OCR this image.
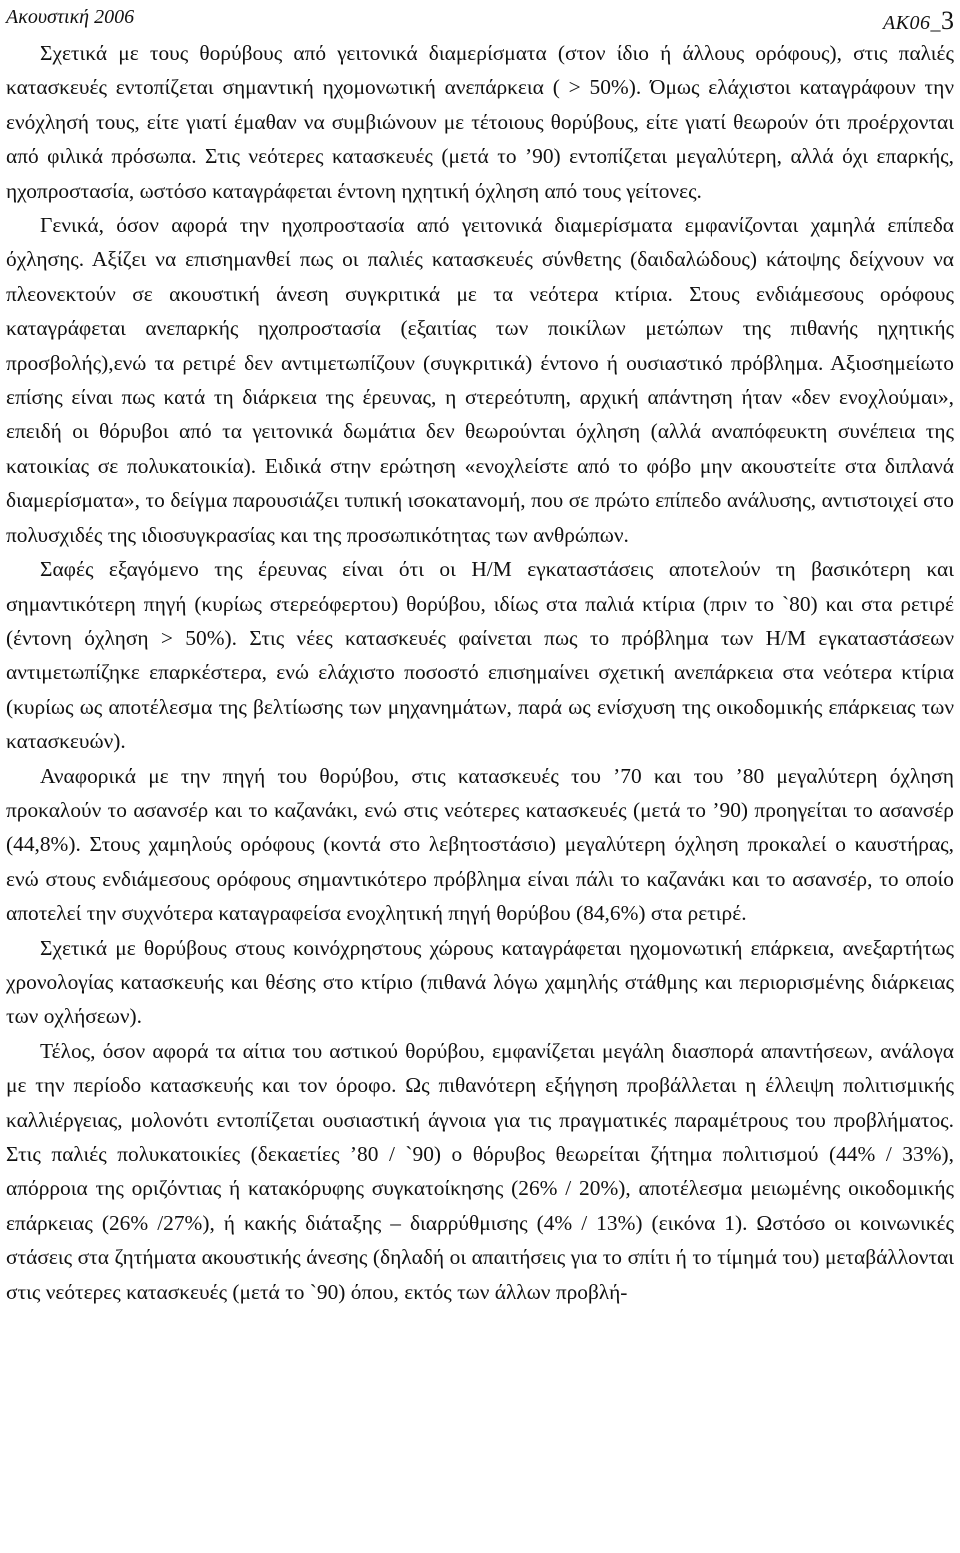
Ακουστική 2006	ΑΚ06_3

Σχετικά με τους θορύβους από γειτονικά διαμερίσματα (στον ίδιο ή άλλους ορόφους), στις παλιές κατασκευές εντοπίζεται σημαντική ηχομονωτική ανεπάρκεια ( > 50%). Όμως ελάχιστοι καταγράφουν την ενόχλησή τους, είτε γιατί έμαθαν να συμβιώνουν με τέτοιους θορύβους, είτε γιατί θεωρούν ότι προέρχονται από φιλικά πρόσωπα. Στις νεότερες κατασκευές (μετά το ’90) εντοπίζεται μεγαλύτερη, αλλά όχι επαρκής, ηχοπροστασία, ωστόσο καταγράφεται έντονη ηχητική όχληση από τους γείτονες.

Γενικά, όσον αφορά την ηχοπροστασία από γειτονικά διαμερίσματα εμφανίζονται χαμηλά επίπεδα όχλησης. Αξίζει να επισημανθεί πως οι παλιές κατασκευές σύνθετης (δαιδαλώδους) κάτοψης δείχνουν να πλεονεκτούν σε ακουστική άνεση συγκριτικά με τα νεότερα κτίρια. Στους ενδιάμεσους ορόφους καταγράφεται ανεπαρκής ηχοπροστασία (εξαιτίας των ποικίλων μετώπων της πιθανής ηχητικής προσβολής),ενώ τα ρετιρέ δεν αντιμετωπίζουν (συγκριτικά) έντονο ή ουσιαστικό πρόβλημα. Αξιοσημείωτο επίσης είναι πως κατά τη διάρκεια της έρευνας, η στερεότυπη, αρχική απάντηση ήταν «δεν ενοχλούμαι», επειδή οι θόρυβοι από τα γειτονικά δωμάτια δεν θεωρούνται όχληση (αλλά αναπόφευκτη συνέπεια της κατοικίας σε πολυκατοικία). Ειδικά στην ερώτηση «ενοχλείστε από το φόβο μην ακουστείτε στα διπλανά διαμερίσματα», το δείγμα παρουσιάζει τυπική ισοκατανομή, που σε πρώτο επίπεδο ανάλυσης, αντιστοιχεί στο πολυσχιδές της ιδιοσυγκρασίας και της προσωπικότητας των ανθρώπων.

Σαφές εξαγόμενο της έρευνας είναι ότι οι Η/Μ εγκαταστάσεις αποτελούν τη βασικότερη και σημαντικότερη πηγή (κυρίως στερεόφερτου) θορύβου, ιδίως στα παλιά κτίρια (πριν το `80) και στα ρετιρέ (έντονη όχληση > 50%). Στις νέες κατασκευές φαίνεται πως το πρόβλημα των Η/Μ εγκαταστάσεων αντιμετωπίζηκε επαρκέστερα, ενώ ελάχιστο ποσοστό επισημαίνει σχετική ανεπάρκεια στα νεότερα κτίρια (κυρίως ως αποτέλεσμα της βελτίωσης των μηχανημάτων, παρά ως ενίσχυση της οικοδομικής επάρκειας των κατασκευών).

Αναφορικά με την πηγή του θορύβου, στις κατασκευές του ’70 και του ’80 μεγαλύτερη όχληση προκαλούν το ασανσέρ και το καζανάκι, ενώ στις νεότερες κατασκευές (μετά το ’90) προηγείται το ασανσέρ (44,8%). Στους χαμηλούς ορόφους (κοντά στο λεβητοστάσιο) μεγαλύτερη όχληση προκαλεί ο καυστήρας, ενώ στους ενδιάμεσους ορόφους σημαντικότερο πρόβλημα είναι πάλι το καζανάκι και το ασανσέρ, το οποίο αποτελεί την συχνότερα καταγραφείσα ενοχλητική πηγή θορύβου (84,6%) στα ρετιρέ.

Σχετικά με θορύβους στους κοινόχρηστους χώρους καταγράφεται ηχομονωτική επάρκεια, ανεξαρτήτως χρονολογίας κατασκευής και θέσης στο κτίριο (πιθανά λόγω χαμηλής στάθμης και περιορισμένης διάρκειας των οχλήσεων).

Τέλος, όσον αφορά τα αίτια του αστικού θορύβου, εμφανίζεται μεγάλη διασπορά απαντήσεων, ανάλογα με την περίοδο κατασκευής και τον όροφο. Ως πιθανότερη εξήγηση προβάλλεται η έλλειψη πολιτισμικής καλλιέργειας, μολονότι εντοπίζεται ουσιαστική άγνοια για τις πραγματικές παραμέτρους του προβλήματος. Στις παλιές πολυκατοικίες (δεκαετίες ’80 / `90) ο θόρυβος θεωρείται ζήτημα πολιτισμού (44% / 33%), απόρροια της οριζόντιας ή κατακόρυφης συγκατοίκησης (26% / 20%), αποτέλεσμα μειωμένης οικοδομικής επάρκειας (26% /27%), ή κακής διάταξης – διαρρύθμισης (4% / 13%) (εικόνα 1). Ωστόσο οι κοινωνικές στάσεις στα ζητήματα ακουστικής άνεσης (δηλαδή οι απαιτήσεις για το σπίτι ή το τίμημά του) μεταβάλλονται στις νεότερες κατασκευές (μετά το `90) όπου, εκτός των άλλων προβλή-
